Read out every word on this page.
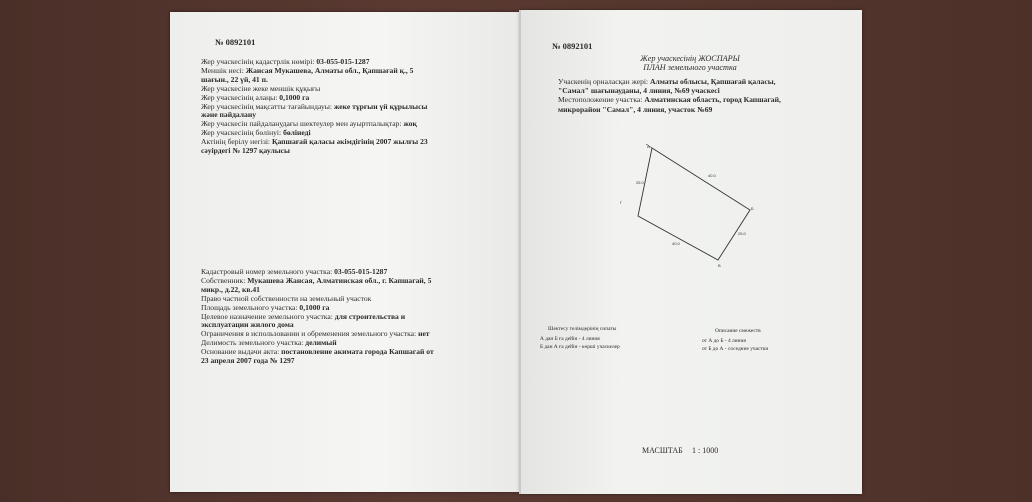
№ 0892101
Жер учаскесінің кадастрлік нөмірі: 03-055-015-1287
Меншік иесі: Жансая Мукашева, Алматы обл., Қапшағай қ., 5
шағын., 22 үй, 41 п.
Жер учаскесіне жеке меншік құқығы
Жер учаскесінің алаңы: 0,1000 га
Жер учаскесінің мақсатты тағайындауы: жеке тұрғын үй құрылысы
және пайдалану
Жер учаскесін пайдаланудағы шектеулер мен ауыртпалықтар: жоқ
Жер учаскесінің бөлінуі: бөлінеді
Актінің берілу негізі: Қапшағай қаласы әкімдігінің 2007 жылғы 23
сәуірдегі № 1297 қаулысы
Кадастровый номер земельного участка: 03-055-015-1287
Собственник: Мукашева Жансая, Алматинская обл., г. Капшагай, 5
микр., д.22, кв.41
Право частной собственности на земельный участок
Площадь земельного участка: 0,1000 га
Целевое назначение земельного участка: для строительства и
эксплуатации жилого дома
Ограничения в использовании и обременения земельного участка: нет
Делимость земельного участка: делимый
Основание выдачи акта: постановление акимата города Капшагай от
23 апреля 2007 года № 1297
№ 0892101
Жер учаскесінің ЖОСПАРЫ
ПЛАН земельного участка
Учаскенің орналасқан жері: Алматы облысы, Қапшағай қаласы,
"Самал" шағынауданы, 4 линия, №69 учаскесі
Местоположение участка: Алматинская область, город Капшагай,
микрорайон "Самал", 4 линия, участок №69
А
Б
В
Г
40.0
25.0
40.0
25.0
Шектесу телімдерінің сипаты
А дан Б ға дейін - 4 линия
Б дан А ға дейін - көрші учаскелер
Описание смежеств
от А до Б - 4 линия
от Б до А - соседние участки
МАСШТАБ 1 : 1000
